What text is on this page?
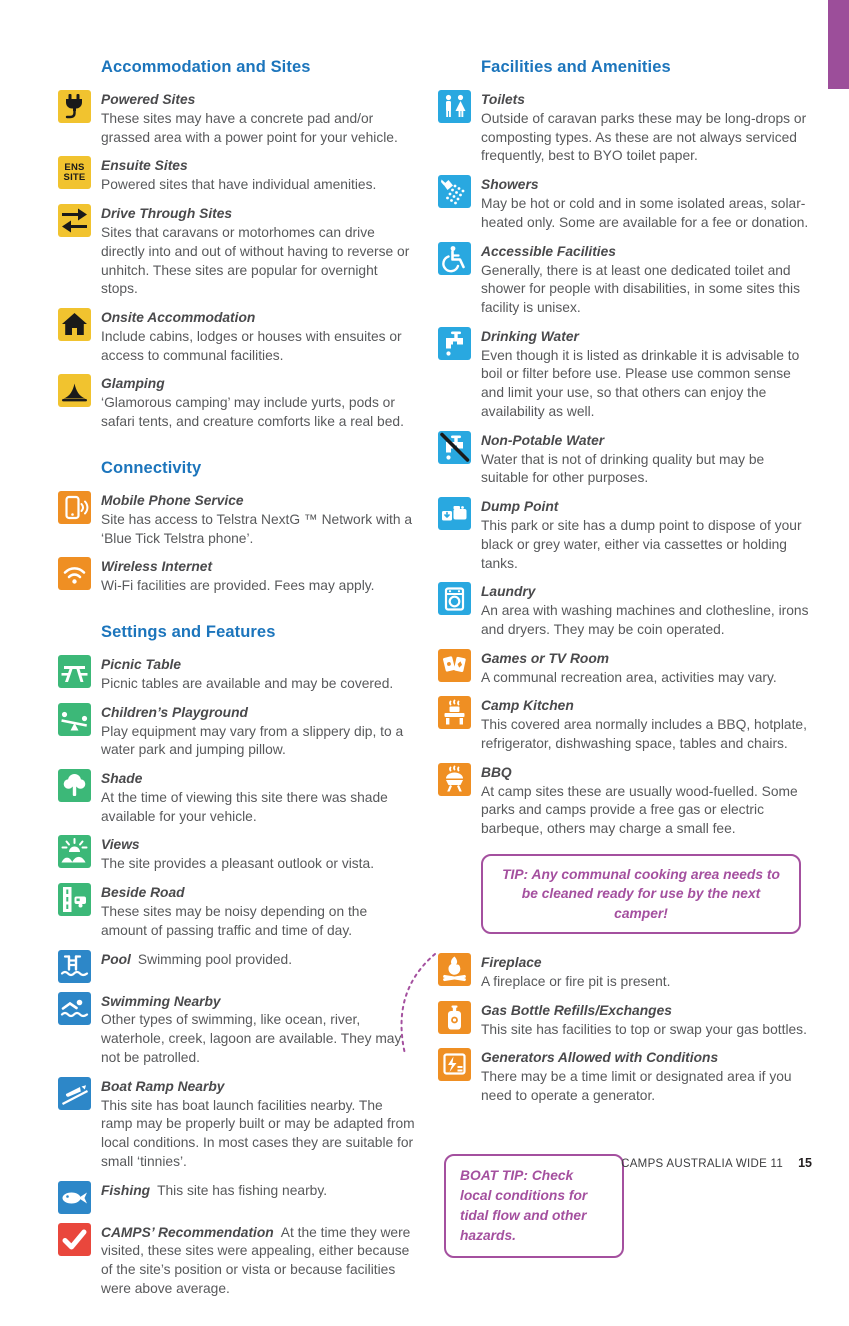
Accommodation and Sites
Powered Sites

These sites may have a concrete pad and/or grassed area with a power point for your vehicle.

ENS SITE
Ensuite Sites

Powered sites that have individual amenities.

Drive Through Sites

Sites that caravans or motorhomes can drive directly into and out of without having to reverse or unhitch. These sites are popular for overnight stops.

Onsite Accommodation

Include cabins, lodges or houses with ensuites or access to communal facilities.

Glamping

‘Glamorous camping’ may include yurts, pods or safari tents, and creature comforts like a real bed.

Connectivity
Mobile Phone Service

Site has access to Telstra NextG ™ Network with a ‘Blue Tick Telstra phone’.

Wireless Internet

Wi-Fi facilities are provided. Fees may apply.

Settings and Features
Picnic Table

Picnic tables are available and may be covered.

Children’s Playground

Play equipment may vary from a slippery dip, to a water park and jumping pillow.

Shade

At the time of viewing this site there was shade available for your vehicle.

Views

The site provides a pleasant outlook or vista.

Beside Road

These sites may be noisy depending on the amount of passing traffic and time of day.

Pool Swimming pool provided.

Swimming Nearby

Other types of swimming, like ocean, river, waterhole, creek, lagoon are available. They may not be patrolled.

Boat Ramp Nearby

This site has boat launch facilities nearby. The ramp may be properly built or may be adapted from local conditions. In most cases they are suitable for small ‘tinnies’.

Fishing This site has fishing nearby.

CAMPS’ Recommendation At the time they were visited, these sites were appealing, either because of the site’s position or vista or because facilities were above average.

Facilities and Amenities
Toilets

Outside of caravan parks these may be long-drops or composting types. As these are not always serviced frequently, best to BYO toilet paper.

Showers

May be hot or cold and in some isolated areas, solar-heated only. Some are available for a fee or donation.

Accessible Facilities

Generally, there is at least one dedicated toilet and shower for people with disabilities, in some sites this facility is unisex.

Drinking Water

Even though it is listed as drinkable it is advisable to boil or filter before use. Please use common sense and limit your use, so that others can enjoy the availability as well.

Non-Potable Water

Water that is not of drinking quality but may be suitable for other purposes.

Dump Point

This park or site has a dump point to dispose of your black or grey water, either via cassettes or holding tanks.

Laundry

An area with washing machines and clothesline, irons and dryers. They may be coin operated.

Games or TV Room

A communal recreation area, activities may vary.

Camp Kitchen

This covered area normally includes a BBQ, hotplate, refrigerator, dishwashing space, tables and chairs.

BBQ

At camp sites these are usually wood-fuelled. Some parks and camps provide a free gas or electric barbeque, others may charge a small fee.

TIP: Any communal cooking area needs to be cleaned ready for use by the next camper!
Fireplace

A fireplace or fire pit is present.

Gas Bottle Refills/Exchanges

This site has facilities to top or swap your gas bottles.

Generators Allowed with Conditions

There may be a time limit or designated area if you need to operate a generator.

BOAT TIP: Check local conditions for tidal flow and other hazards.
CAMPS AUSTRALIA WIDE 11 15
